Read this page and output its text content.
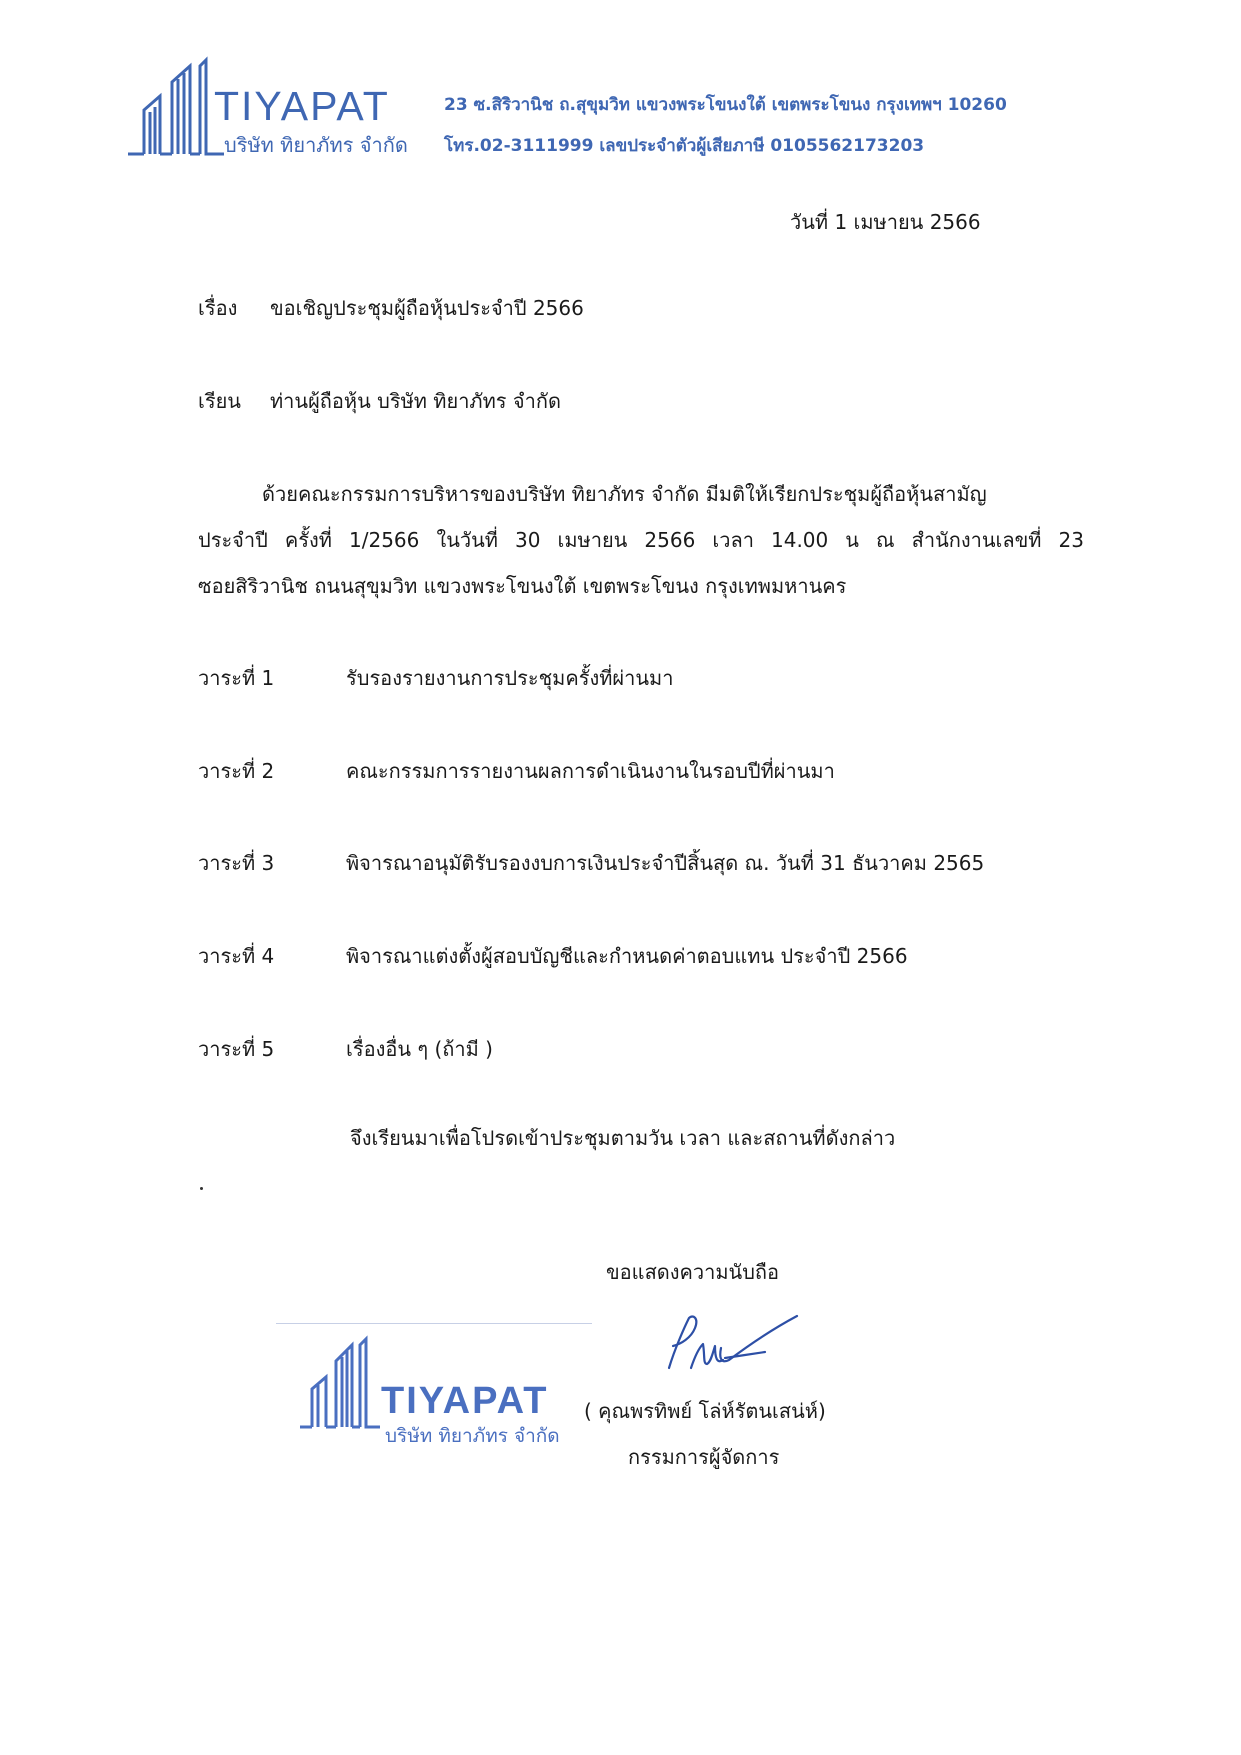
TIYAPAT
บริษัท ทิยาภัทร จำกัด
23 ซ.สิริวานิช ถ.สุขุมวิท แขวงพระโขนงใต้ เขตพระโขนง กรุงเทพฯ 10260
โทร.02-3111999 เลขประจำตัวผู้เสียภาษี 0105562173203
วันที่ 1 เมษายน 2566
เรื่อง ขอเชิญประชุมผู้ถือหุ้นประจำปี 2566
เรียน ท่านผู้ถือหุ้น บริษัท ทิยาภัทร จำกัด
ด้วยคณะกรรมการบริหารของบริษัท ทิยาภัทร จำกัด มีมติให้เรียกประชุมผู้ถือหุ้นสามัญ
ประจำปี ครั้งที่ 1/2566 ในวันที่ 30 เมษายน 2566 เวลา 14.00 น ณ สำนักงานเลขที่ 23
ซอยสิริวานิช ถนนสุขุมวิท แขวงพระโขนงใต้ เขตพระโขนง กรุงเทพมหานคร
วาระที่ 1	รับรองรายงานการประชุมครั้งที่ผ่านมา
วาระที่ 2	คณะกรรมการรายงานผลการดำเนินงานในรอบปีที่ผ่านมา
วาระที่ 3	พิจารณาอนุมัติรับรองงบการเงินประจำปีสิ้นสุด ณ. วันที่ 31 ธันวาคม 2565
วาระที่ 4	พิจารณาแต่งตั้งผู้สอบบัญชีและกำหนดค่าตอบแทน ประจำปี 2566
วาระที่ 5	เรื่องอื่น ๆ (ถ้ามี )
จึงเรียนมาเพื่อโปรดเข้าประชุมตามวัน เวลา และสถานที่ดังกล่าว
ขอแสดงความนับถือ
TIYAPAT
บริษัท ทิยาภัทร จำกัด
( คุณพรทิพย์ โล่ห์รัตนเสน่ห์)
กรรมการผู้จัดการ
